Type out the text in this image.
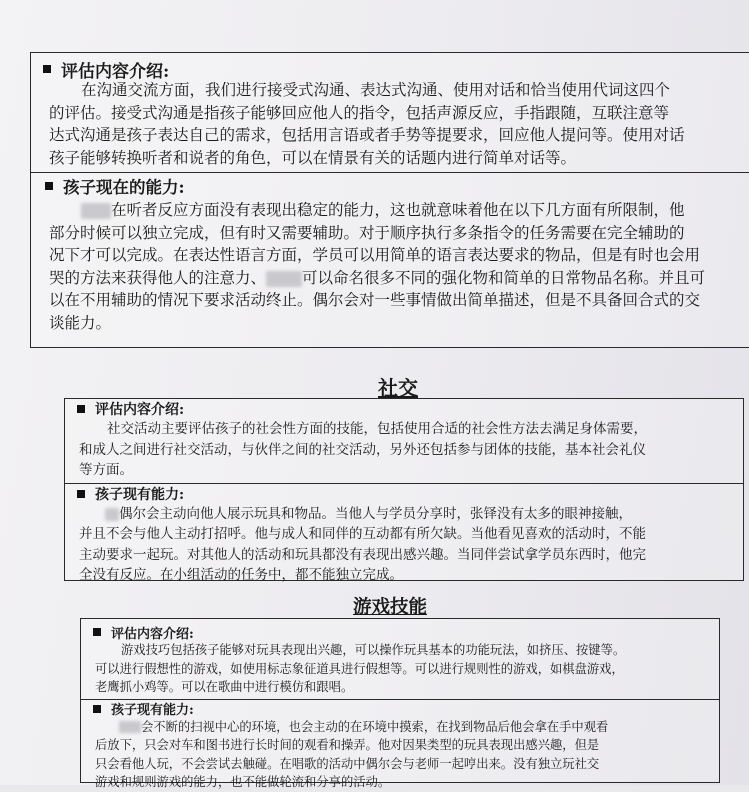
评估内容介绍:
在沟通交流方面，我们进行接受式沟通、表达式沟通、使用对话和恰当使用代词这四个
的评估。接受式沟通是指孩子能够回应他人的指令，包括声源反应，手指跟随，互联注意等
达式沟通是孩子表达自己的需求，包括用言语或者手势等提要求，回应他人提问等。使用对话
孩子能够转换听者和说者的角色，可以在情景有关的话题内进行简单对话等。
孩子现在的能力:
在听者反应方面没有表现出稳定的能力，这也就意味着他在以下几方面有所限制，他
部分时候可以独立完成，但有时又需要辅助。对于顺序执行多条指令的任务需要在完全辅助的
况下才可以完成。在表达性语言方面，学员可以用简单的语言表达要求的物品，但是有时也会用
哭的方法来获得他人的注意力、 可以命名很多不同的强化物和简单的日常物品名称。并且可
以在不用辅助的情况下要求活动终止。偶尔会对一些事情做出简单描述，但是不具备回合式的交
谈能力。
社交
评估内容介绍:
社交活动主要评估孩子的社会性方面的技能，包括使用合适的社会性方法去满足身体需要，
和成人之间进行社交活动，与伙伴之间的社交活动，另外还包括参与团体的技能，基本社会礼仪
等方面。
孩子现有能力:
偶尔会主动向他人展示玩具和物品。当他人与学员分享时，张铎没有太多的眼神接触，
并且不会与他人主动打招呼。他与成人和同伴的互动都有所欠缺。当他看见喜欢的活动时，不能
主动要求一起玩。对其他人的活动和玩具都没有表现出感兴趣。当同伴尝试拿学员东西时，他完
全没有反应。在小组活动的任务中，都不能独立完成。
游戏技能
评估内容介绍:
游戏技巧包括孩子能够对玩具表现出兴趣，可以操作玩具基本的功能玩法，如挤压、按键等。
可以进行假想性的游戏，如使用标志象征道具进行假想等。可以进行规则性的游戏，如棋盘游戏，
老鹰抓小鸡等。可以在歌曲中进行模仿和跟唱。
孩子现有能力:
会不断的扫视中心的环境，也会主动的在环境中摸索，在找到物品后他会拿在手中观看
后放下，只会对车和图书进行长时间的观看和操弄。他对因果类型的玩具表现出感兴趣，但是
只会看他人玩，不会尝试去触碰。在唱歌的活动中偶尔会与老师一起哼出来。没有独立玩社交
游戏和规则游戏的能力，也不能做轮流和分享的活动。
